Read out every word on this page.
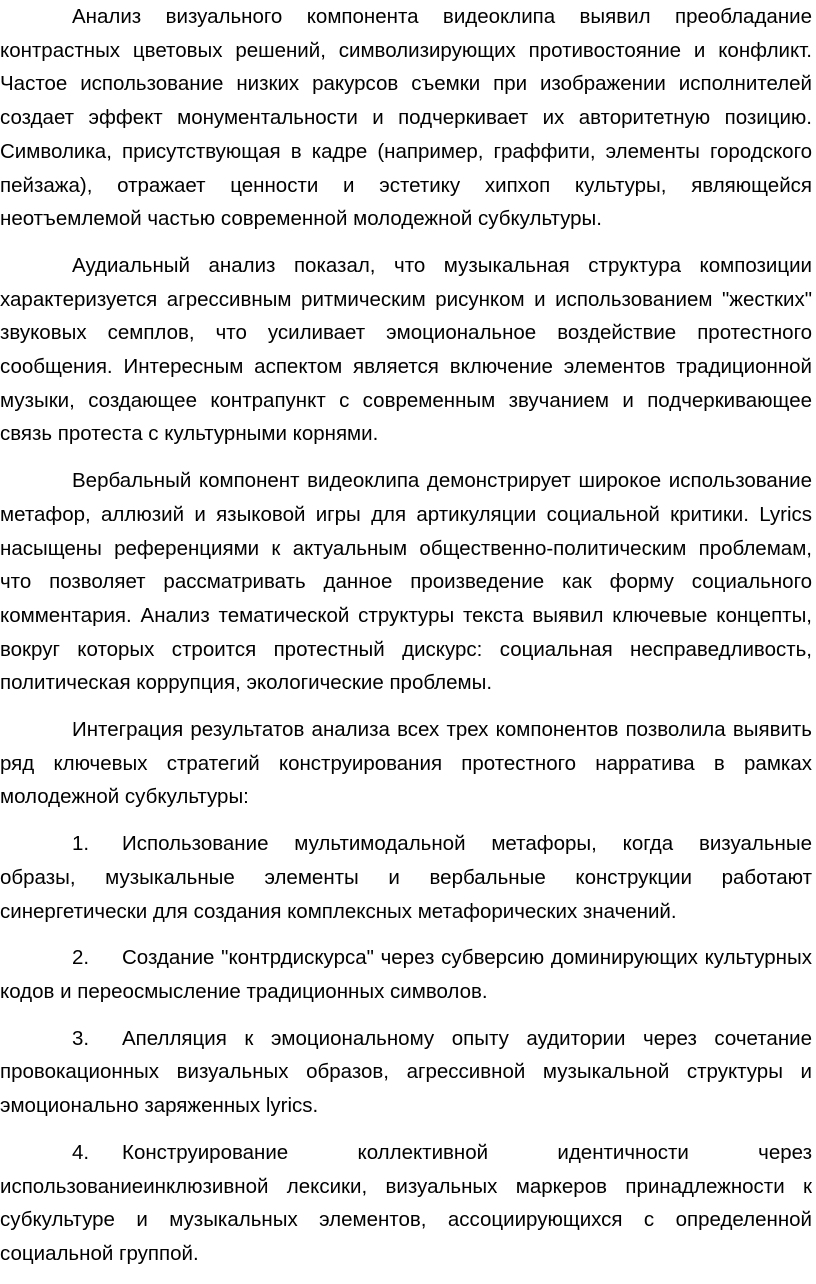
Анализ визуального компонента видеоклипа выявил преобладание контрастных цветовых решений, символизирующих противостояние и конфликт. Частое использование низких ракурсов съемки при изображении исполнителей создает эффект монументальности и подчеркивает их авторитетную позицию. Символика, присутствующая в кадре (например, граффити, элементы городского пейзажа), отражает ценности и эстетику хипхоп культуры, являющейся неотъемлемой частью современной молодежной субкультуры.

Аудиальный анализ показал, что музыкальная структура композиции характеризуется агрессивным ритмическим рисунком и использованием "жестких" звуковых семплов, что усиливает эмоциональное воздействие протестного сообщения. Интересным аспектом является включение элементов традиционной музыки, создающее контрапункт с современным звучанием и подчеркивающее связь протеста с культурными корнями.

Вербальный компонент видеоклипа демонстрирует широкое использование метафор, аллюзий и языковой игры для артикуляции социальной критики. Lyrics насыщены референциями к актуальным общественно-политическим проблемам, что позволяет рассматривать данное произведение как форму социального комментария. Анализ тематической структуры текста выявил ключевые концепты, вокруг которых строится протестный дискурс: социальная несправедливость, политическая коррупция, экологические проблемы.

Интеграция результатов анализа всех трех компонентов позволила выявить ряд ключевых стратегий конструирования протестного нарратива в рамках молодежной субкультуры:

1. Использование мультимодальной метафоры, когда визуальные образы, музыкальные элементы и вербальные конструкции работают синергетически для создания комплексных метафорических значений.

2. Создание "контрдискурса" через субверсию доминирующих культурных кодов и переосмысление традиционных символов.

3. Апелляция к эмоциональному опыту аудитории через сочетание провокационных визуальных образов, агрессивной музыкальной структуры и эмоционально заряженных lyrics.

4. Конструирование коллективной идентичности через использованиеинклюзивной лексики, визуальных маркеров принадлежности к субкультуре и музыкальных элементов, ассоциирующихся с определенной социальной группой.
